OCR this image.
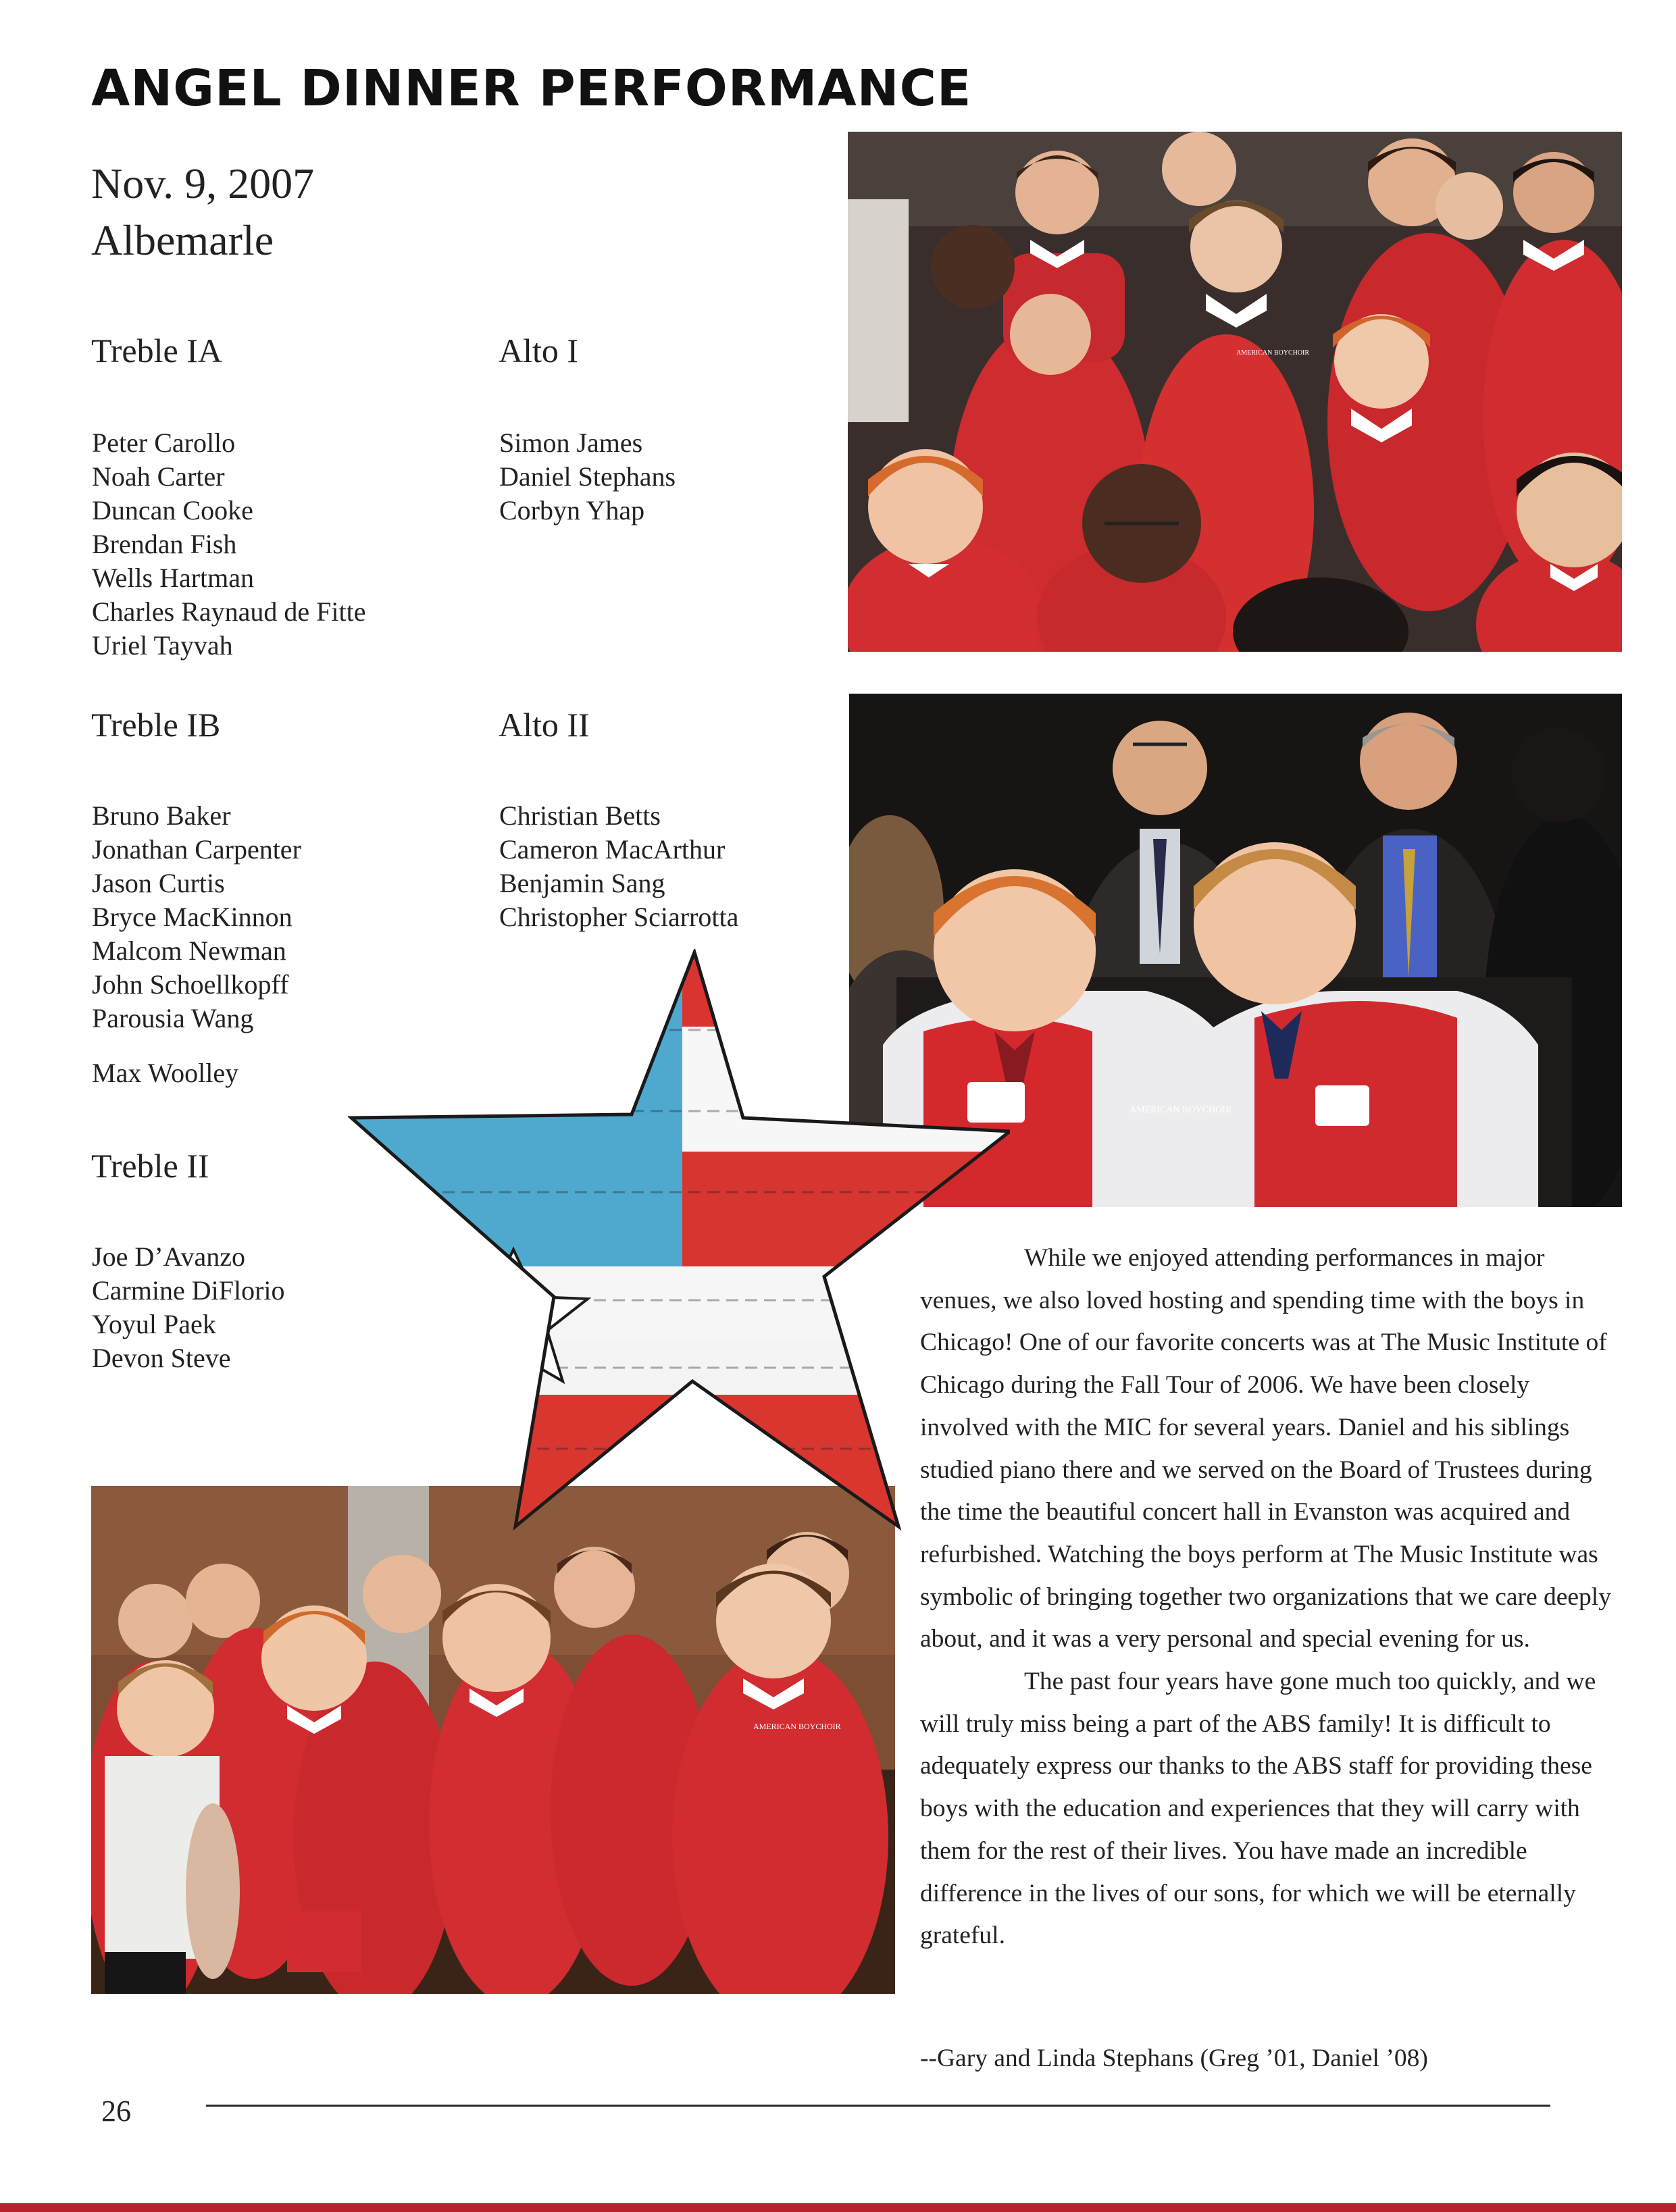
ANGEL DINNER PERFORMANCE
Nov. 9, 2007
Albemarle
Treble IA
Peter Carollo
Noah Carter
Duncan Cooke
Brendan Fish
Wells Hartman
Charles Raynaud de Fitte
Uriel Tayvah
Alto I
Simon James
Daniel Stephans
Corbyn Yhap
Treble IB
Bruno Baker
Jonathan Carpenter
Jason Curtis
Bryce MacKinnon
Malcom Newman
John Schoellkopff
Parousia Wang
Max Woolley
Alto II
Christian Betts
Cameron MacArthur
Benjamin Sang
Christopher Sciarrotta
Treble II
Joe D’Avanzo
Carmine DiFlorio
Yoyul Paek
Devon Steve
AMERICAN BOYCHOIR
AMERICAN BOYCHOIR
AMERICAN BOYCHOIR

While we enjoyed attending performances in major venues, we also loved hosting and spending time with the boys in Chicago! One of our favorite concerts was at The Music Institute of Chicago during the Fall Tour of 2006. We have been closely involved with the MIC for several years. Daniel and his siblings studied piano there and we served on the Board of Trustees during the time the beautiful concert hall in Evanston was acquired and refurbished. Watching the boys perform at The Music Institute was symbolic of bringing together two organizations that we care deeply about, and it was a very personal and special evening for us.

The past four years have gone much too quickly, and we will truly miss being a part of the ABS family! It is difficult to adequately express our thanks to the ABS staff for providing these boys with the education and experiences that they will carry with them for the rest of their lives. You have made an incredible difference in the lives of our sons, for which we will be eternally grateful.

--Gary and Linda Stephans (Greg ’01, Daniel ’08)
26
